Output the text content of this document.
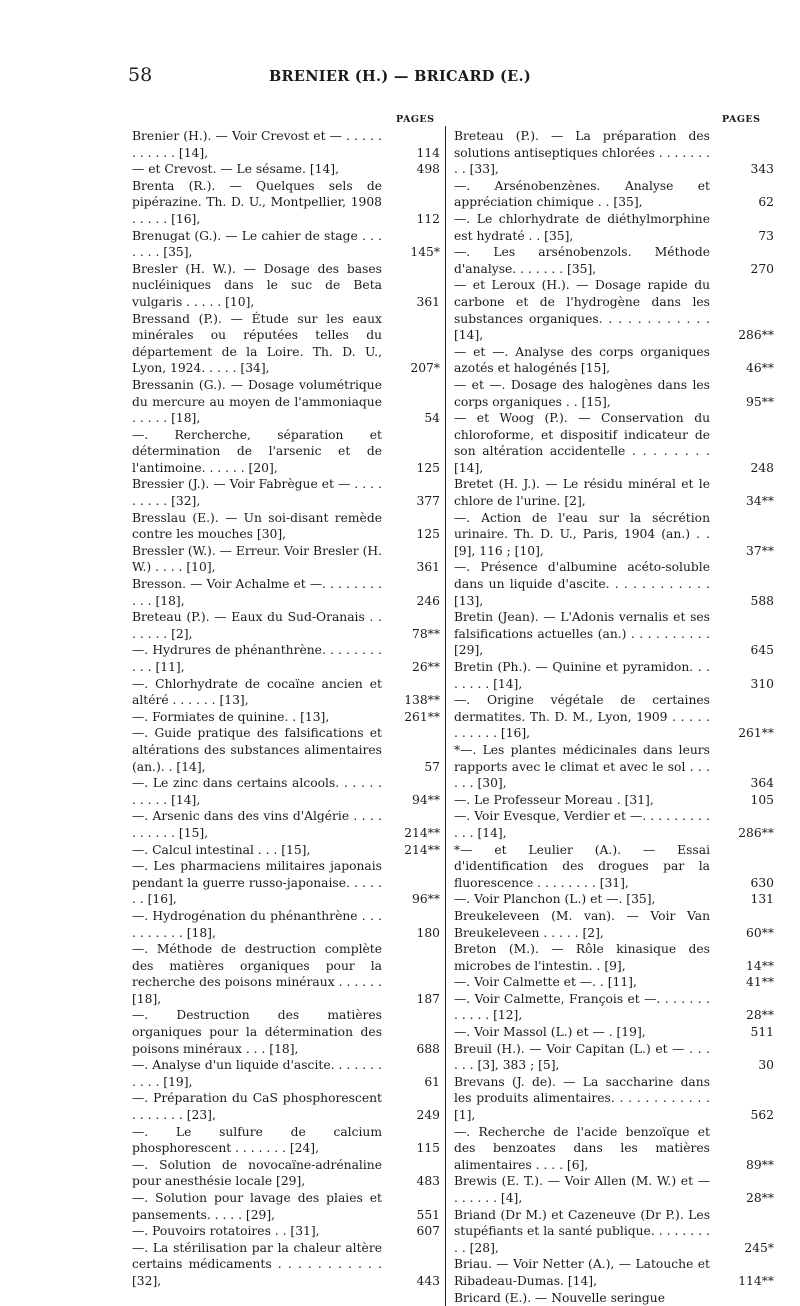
58	BRENIER (H.) — BRICARD (E.)
PAGES	PAGES
Brenier (H.). — Voir Crevost et — . . . . . . . . . . . [14],	114
— et Crevost. — Le sésame. [14],	498
Brenta (R.). — Quelques sels de pipérazine. Th. D. U., Montpellier, 1908 . . . . . [16],	112
Brenugat (G.). — Le cahier de stage . . . . . . . [35],	145*
Bresler (H. W.). — Dosage des bases nucléiniques dans le suc de Beta vulgaris . . . . . [10],	361
Bressand (P.). — Étude sur les eaux minérales ou réputées telles du département de la Loire. Th. D. U., Lyon, 1924. . . . . [34],	207*
Bressanin (G.). — Dosage volumétrique du mercure au moyen de l'ammoniaque . . . . . [18],	54
—. Rercherche, séparation et détermination de l'arsenic et de l'antimoine. . . . . . [20],	125
Bressier (J.). — Voir Fabrègue et — . . . . . . . . . [32],	377
Bresslau (E.). — Un soi-disant remède contre les mouches [30],	125
Bressler (W.). — Erreur. Voir Bresler (H. W.) . . . . [10],	361
Bresson. — Voir Achalme et —. . . . . . . . . . . [18],	246
Breteau (P.). — Eaux du Sud-Oranais . . . . . . . [2],	78**
—. Hydrures de phénanthrène. . . . . . . . . . . [11],	26**
—. Chlorhydrate de cocaïne ancien et altéré . . . . . . [13],	138**
—. Formiates de quinine. . [13],	261**
—. Guide pratique des falsifications et altérations des substances alimentaires (an.). . [14],	57
—. Le zinc dans certains alcools. . . . . . . . . . . [14],	94**
—. Arsenic dans des vins d'Algérie . . . . . . . . . . [15],	214**
—. Calcul intestinal . . . [15],	214**
—. Les pharmaciens militaires japonais pendant la guerre russo-japonaise. . . . . . . [16],	96**
—. Hydrogénation du phénanthrène . . . . . . . . . . [18],	180
—. Méthode de destruction complète des matières organiques pour la recherche des poisons minéraux . . . . . . [18],	187
—. Destruction des matières organiques pour la détermination des poisons minéraux . . . [18],	688
—. Analyse d'un liquide d'ascite. . . . . . . . . . . [19],	61
—. Préparation du CaS phosphorescent . . . . . . . [23],	249
—. Le sulfure de calcium phosphorescent . . . . . . . [24],	115
—. Solution de novocaïne-adrénaline pour anesthésie locale [29],	483
—. Solution pour lavage des plaies et pansements. . . . . [29],	551
—. Pouvoirs rotatoires . . [31],	607
—. La stérilisation par la chaleur altère certains médicaments . . . . . . . . . . . [32],	443
Breteau (P.). — La préparation des solutions antiseptiques chlorées . . . . . . . . . [33],	343
—. Arsénobenzènes. Analyse et appréciation chimique . . [35],	62
—. Le chlorhydrate de diéthylmorphine est hydraté . . [35],	73
—. Les arsénobenzols. Méthode d'analyse. . . . . . . [35],	270
— et Leroux (H.). — Dosage rapide du carbone et de l'hydrogène dans les substances organiques. . . . . . . . . . . . [14],	286**
— et —. Analyse des corps organiques azotés et halogénés [15],	46**
— et —. Dosage des halogènes dans les corps organiques . . [15],	95**
— et Woog (P.). — Conservation du chloroforme, et dispositif indicateur de son altération accidentelle . . . . . . . . [14],	248
Bretet (H. J.). — Le résidu minéral et le chlore de l'urine. [2],	34**
—. Action de l'eau sur la sécrétion urinaire. Th. D. U., Paris, 1904 (an.) . . [9], 116 ; [10],	37**
—. Présence d'albumine acéto-soluble dans un liquide d'ascite. . . . . . . . . . . . [13],	588
Bretin (Jean). — L'Adonis vernalis et ses falsifications actuelles (an.) . . . . . . . . . . [29],	645
Bretin (Ph.). — Quinine et pyramidon. . . . . . . . [14],	310
—. Origine végétale de certaines dermatites. Th. D. M., Lyon, 1909 . . . . . . . . . . . [16],	261**
*—. Les plantes médicinales dans leurs rapports avec le climat et avec le sol . . . . . . [30],	364
—. Le Professeur Moreau . [31],	105
—. Voir Evesque, Verdier et —. . . . . . . . . . . . [14],	286**
*— et Leulier (A.). — Essai d'identification des drogues par la fluorescence . . . . . . . . [31],	630
—. Voir Planchon (L.) et —. [35],	131
Breukeleveen (M. van). — Voir Van Breukeleveen . . . . . [2],	60**
Breton (M.). — Rôle kinasique des microbes de l'intestin. . [9],	14**
—. Voir Calmette et —. . [11],	41**
—. Voir Calmette, François et —. . . . . . . . . . . . [12],	28**
—. Voir Massol (L.) et — . [19],	511
Breuil (H.). — Voir Capitan (L.) et — . . . . . . [3], 383 ; [5],	30
Brevans (J. de). — La saccharine dans les produits alimentaires. . . . . . . . . . . . [1],	562
—. Recherche de l'acide benzoïque et des benzoates dans les matières alimentaires . . . . [6],	89**
Brewis (E. T.). — Voir Allen (M. W.) et — . . . . . . [4],	28**
Briand (Dr M.) et Cazeneuve (Dr P.). Les stupéfiants et la santé publique. . . . . . . . . . [28],	245*
Briau. — Voir Netter (A.), — Latouche et Ribadeau-Dumas. [14],	114**
Bricard (E.). — Nouvelle seringue
